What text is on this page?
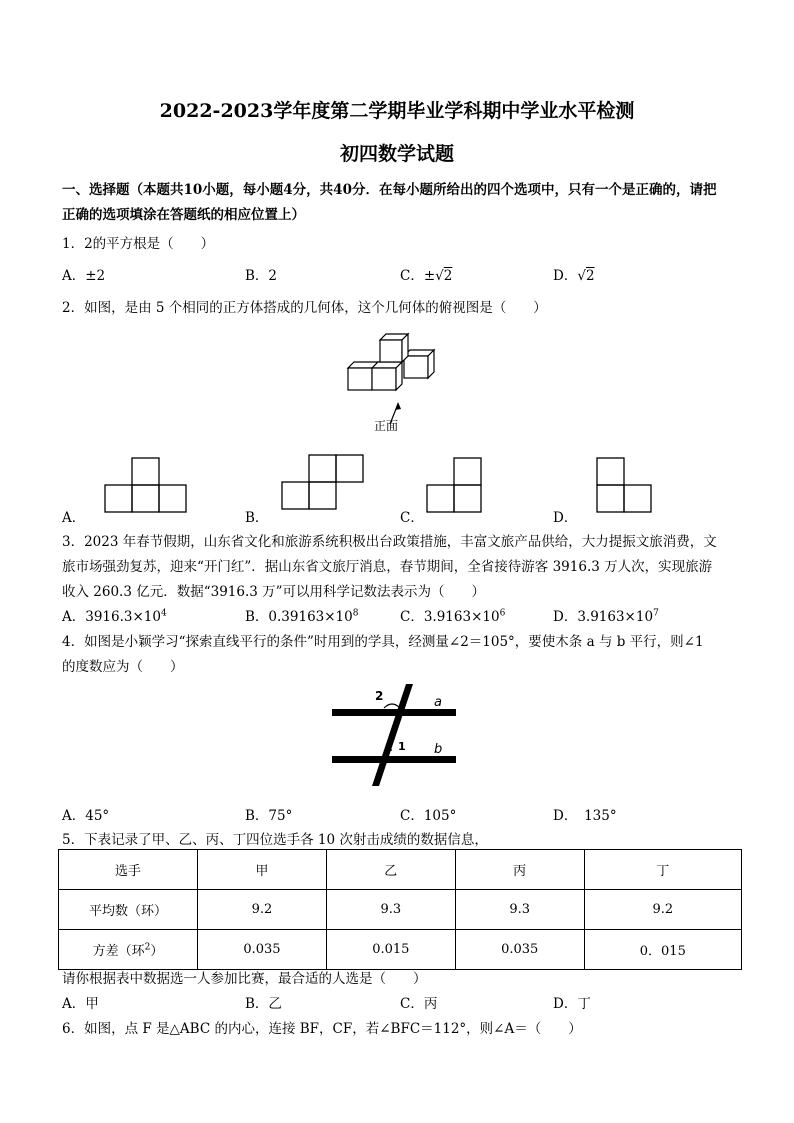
2022-2023学年度第二学期毕业学科期中学业水平检测
初四数学试题
一、选择题（本题共10小题，每小题4分，共40分．在每小题所给出的四个选项中，只有一个是正确的，请把
正确的选项填涂在答题纸的相应位置上）
1．2的平方根是（　　）
A．±2	B．2	C．±√2	D．√2
2．如图，是由 5 个相同的正方体搭成的几何体，这个几何体的俯视图是（　　）
正面
A．	B．	C．	D．
3．2023 年春节假期，山东省文化和旅游系统积极出台政策措施，丰富文旅产品供给，大力提振文旅消费，文
旅市场强劲复苏，迎来“开门红”．据山东省文旅厅消息，春节期间，全省接待游客 3916.3 万人次，实现旅游
收入 260.3 亿元．数据“3916.3 万”可以用科学记数法表示为（　　）
A．$3916.3\times 10^4$	B．$0.39163\times 10^8$	C．$3.9163\times 10^6$	D．$3.9163\times 10^7$
4．如图是小颖学习“探索直线平行的条件”时用到的学具，经测量∠2＝105°，要使木条 a 与 b 平行，则∠1
的度数应为（　　）
2
1
a
b
A．45°	B．75°	C．105°	D．　135°
5．下表记录了甲、乙、丙、丁四位选手各 10 次射击成绩的数据信息，
选手	甲	乙	丙	丁
平均数（环）	9.2	9.3	9.3	9.2
方差（环$^2$）	0.035	0.015	0.035	0．015
请你根据表中数据选一人参加比赛，最合适的人选是（　　）
A．甲	B．乙	C．丙	D．丁
6．如图，点 F 是△ABC 的内心，连接 BF，CF，若∠BFC＝112°，则∠A＝（　　）
